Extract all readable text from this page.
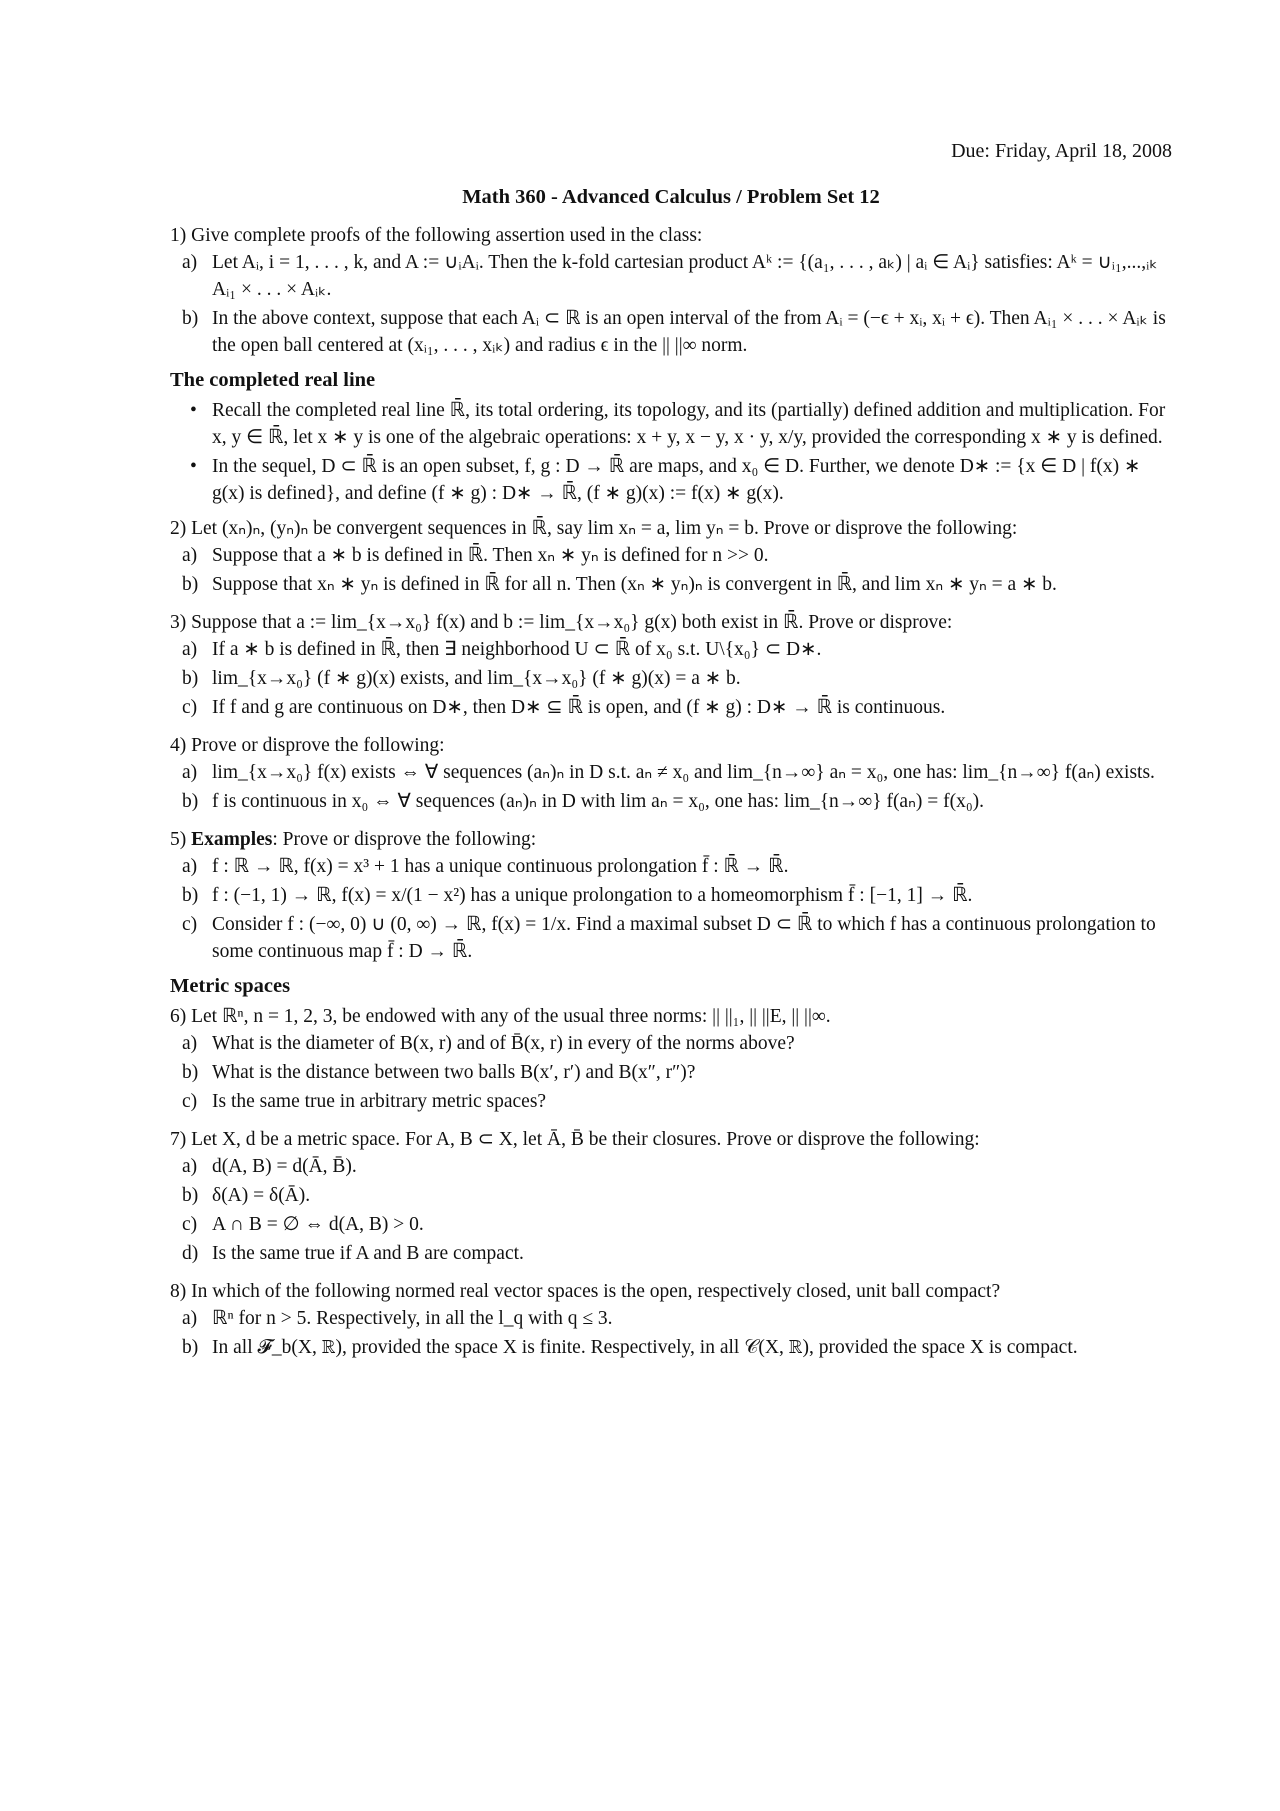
Due: Friday, April 18, 2008
Math 360 - Advanced Calculus / Problem Set 12
1) Give complete proofs of the following assertion used in the class:
a) Let Aᵢ, i = 1, . . . , k, and A := ∪ᵢAᵢ. Then the k-fold cartesian product Aᵏ := {(a₁, . . . , aₖ) | aᵢ ∈ Aᵢ} satisfies: Aᵏ = ∪ᵢ₁,...,ᵢₖ Aᵢ₁ × . . . × Aᵢₖ.
b) In the above context, suppose that each Aᵢ ⊂ ℝ is an open interval of the from Aᵢ = (−ϵ + xᵢ, xᵢ + ϵ). Then Aᵢ₁ × . . . × Aᵢₖ is the open ball centered at (xᵢ₁, . . . , xᵢₖ) and radius ϵ in the || ||∞ norm.
The completed real line
• Recall the completed real line ℝ̄, its total ordering, its topology, and its (partially) defined addition and multiplication. For x, y ∈ ℝ̄, let x ∗ y is one of the algebraic operations: x + y, x − y, x · y, x/y, provided the corresponding x ∗ y is defined.
• In the sequel, D ⊂ ℝ̄ is an open subset, f, g : D → ℝ̄ are maps, and x₀ ∈ D. Further, we denote D∗ := {x ∈ D | f(x) ∗ g(x) is defined}, and define (f ∗ g) : D∗ → ℝ̄, (f ∗ g)(x) := f(x) ∗ g(x).
2) Let (xₙ)ₙ, (yₙ)ₙ be convergent sequences in ℝ̄, say lim xₙ = a, lim yₙ = b. Prove or disprove the following:
a) Suppose that a ∗ b is defined in ℝ̄. Then xₙ ∗ yₙ is defined for n >> 0.
b) Suppose that xₙ ∗ yₙ is defined in ℝ̄ for all n. Then (xₙ ∗ yₙ)ₙ is convergent in ℝ̄, and lim xₙ ∗ yₙ = a ∗ b.
3) Suppose that a := lim_{x→x₀} f(x) and b := lim_{x→x₀} g(x) both exist in ℝ̄. Prove or disprove:
a) If a ∗ b is defined in ℝ̄, then ∃ neighborhood U ⊂ ℝ̄ of x₀ s.t. U\{x₀} ⊂ D∗.
b) lim_{x→x₀} (f ∗ g)(x) exists, and lim_{x→x₀} (f ∗ g)(x) = a ∗ b.
c) If f and g are continuous on D∗, then D∗ ⊆ ℝ̄ is open, and (f ∗ g) : D∗ → ℝ̄ is continuous.
4) Prove or disprove the following:
a) lim_{x→x₀} f(x) exists ⇔ ∀ sequences (aₙ)ₙ in D s.t. aₙ ≠ x₀ and lim_{n→∞} aₙ = x₀, one has: lim_{n→∞} f(aₙ) exists.
b) f is continuous in x₀ ⇔ ∀ sequences (aₙ)ₙ in D with lim aₙ = x₀, one has: lim_{n→∞} f(aₙ) = f(x₀).
5) Examples: Prove or disprove the following:
a) f : ℝ → ℝ, f(x) = x³ + 1 has a unique continuous prolongation f̄ : ℝ̄ → ℝ̄.
b) f : (−1, 1) → ℝ, f(x) = x/(1 − x²) has a unique prolongation to a homeomorphism f̄ : [−1, 1] → ℝ̄.
c) Consider f : (−∞, 0) ∪ (0, ∞) → ℝ, f(x) = 1/x. Find a maximal subset D ⊂ ℝ̄ to which f has a continuous prolongation to some continuous map f̄ : D → ℝ̄.
Metric spaces
6) Let ℝⁿ, n = 1, 2, 3, be endowed with any of the usual three norms: || ||₁, || ||E, || ||∞.
a) What is the diameter of B(x, r) and of B̄(x, r) in every of the norms above?
b) What is the distance between two balls B(x′, r′) and B(x″, r″)?
c) Is the same true in arbitrary metric spaces?
7) Let X, d be a metric space. For A, B ⊂ X, let Ā, B̄ be their closures. Prove or disprove the following:
a) d(A, B) = d(Ā, B̄).
b) δ(A) = δ(Ā).
c) A ∩ B = ∅ ⇔ d(A, B) > 0.
d) Is the same true if A and B are compact.
8) In which of the following normed real vector spaces is the open, respectively closed, unit ball compact?
a) ℝⁿ for n > 5. Respectively, in all the l_q with q ≤ 3.
b) In all 𝓕_b(X, ℝ), provided the space X is finite. Respectively, in all 𝒞(X, ℝ), provided the space X is compact.
